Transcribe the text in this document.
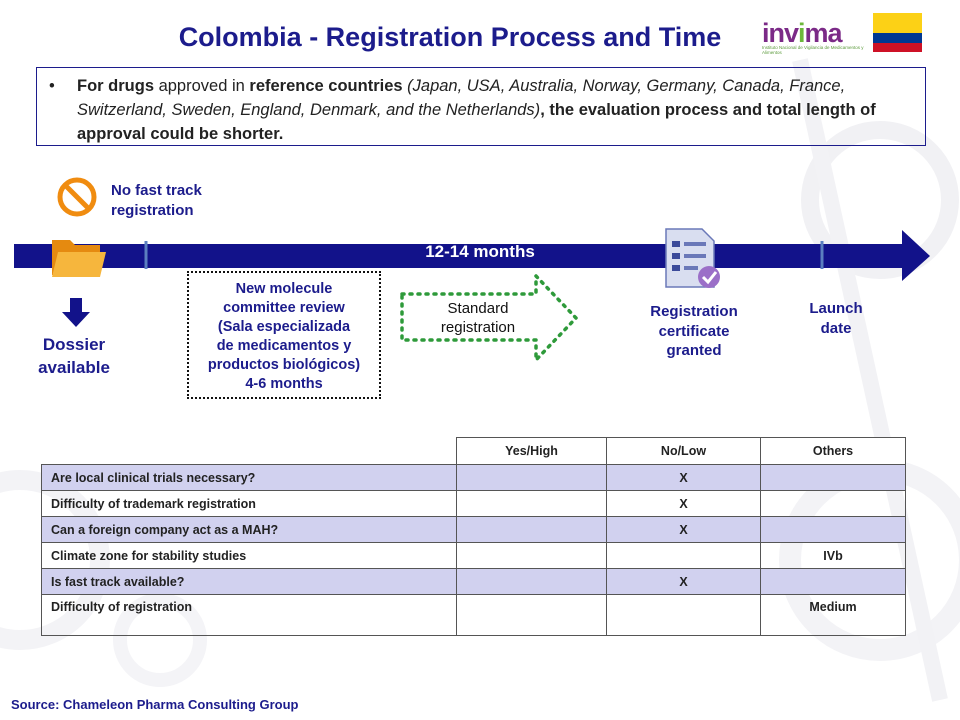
Colombia - Registration Process and Time	invima
Instituto Nacional de Vigilancia de Medicamentos y Alimentos
• For drugs approved in reference countries (Japan, USA, Australia, Norway, Germany, Canada, France, Switzerland, Sweden, England, Denmark, and the Netherlands), the evaluation process and total length of approval could be shorter.
No fast track
registration
12-14 months
Dossier
available
New molecule
committee review
(Sala especializada
de medicamentos y
productos biológicos)
4-6 months
Standard
registration
Registration
certificate
granted
Launch
date
	Yes/High	No/Low	Others
Are local clinical trials necessary?		X	
Difficulty of trademark registration		X	
Can a foreign company act as a MAH?		X	
Climate zone for stability studies			IVb
Is fast track available?		X	
Difficulty of registration			Medium
Source: Chameleon Pharma Consulting Group
